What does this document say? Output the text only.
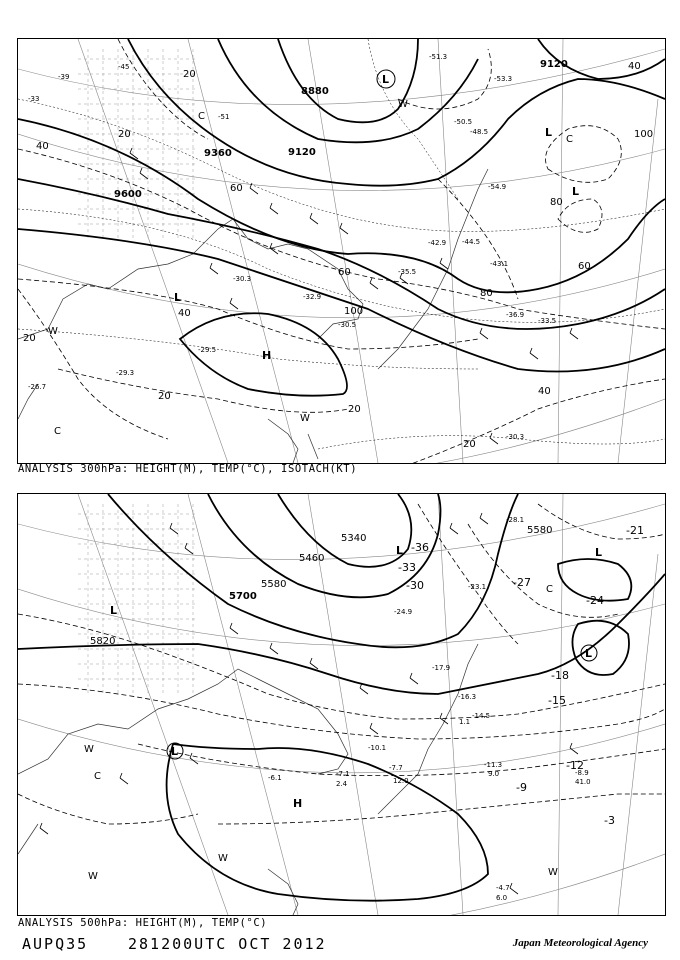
9600
9360	9120
8880
9120
20
40
60
80
100
20
40
60
80
100
20
40
20
20
40
60
20
-39
-45
-51
-33
-35.5
-30.3
-32.9
-30.5
-29.5
-29.3
-26.7
-30.3
-43.1
-44.5
-48.5
-50.5
-51.3
-53.3
-54.9
-42.9
-36.9
-33.5
H
L
L
L
L
W
W
C
C
W
C
ANALYSIS 300hPa: HEIGHT(M), TEMP(°C), ISOTACH(KT)
5820
5700
5580
5460
5340
5580
-3
-9
-12
-15
-18
-21
-24
-27
-30
-33
-36
-14.5
-11.3
-8.9
-7.7
-7.1
-6.1
-4.7
-10.1
-16.3
-17.9
-23.1
-24.9
-28.1
9.0
12.0
2.4
6.0
1.1
41.0
H
L
L
L	L
L
W
W
W
W
C
C
ANALYSIS 500hPa: HEIGHT(M), TEMP(°C)
AUPQ35	281200UTC OCT 2012	Japan Meteorological Agency
